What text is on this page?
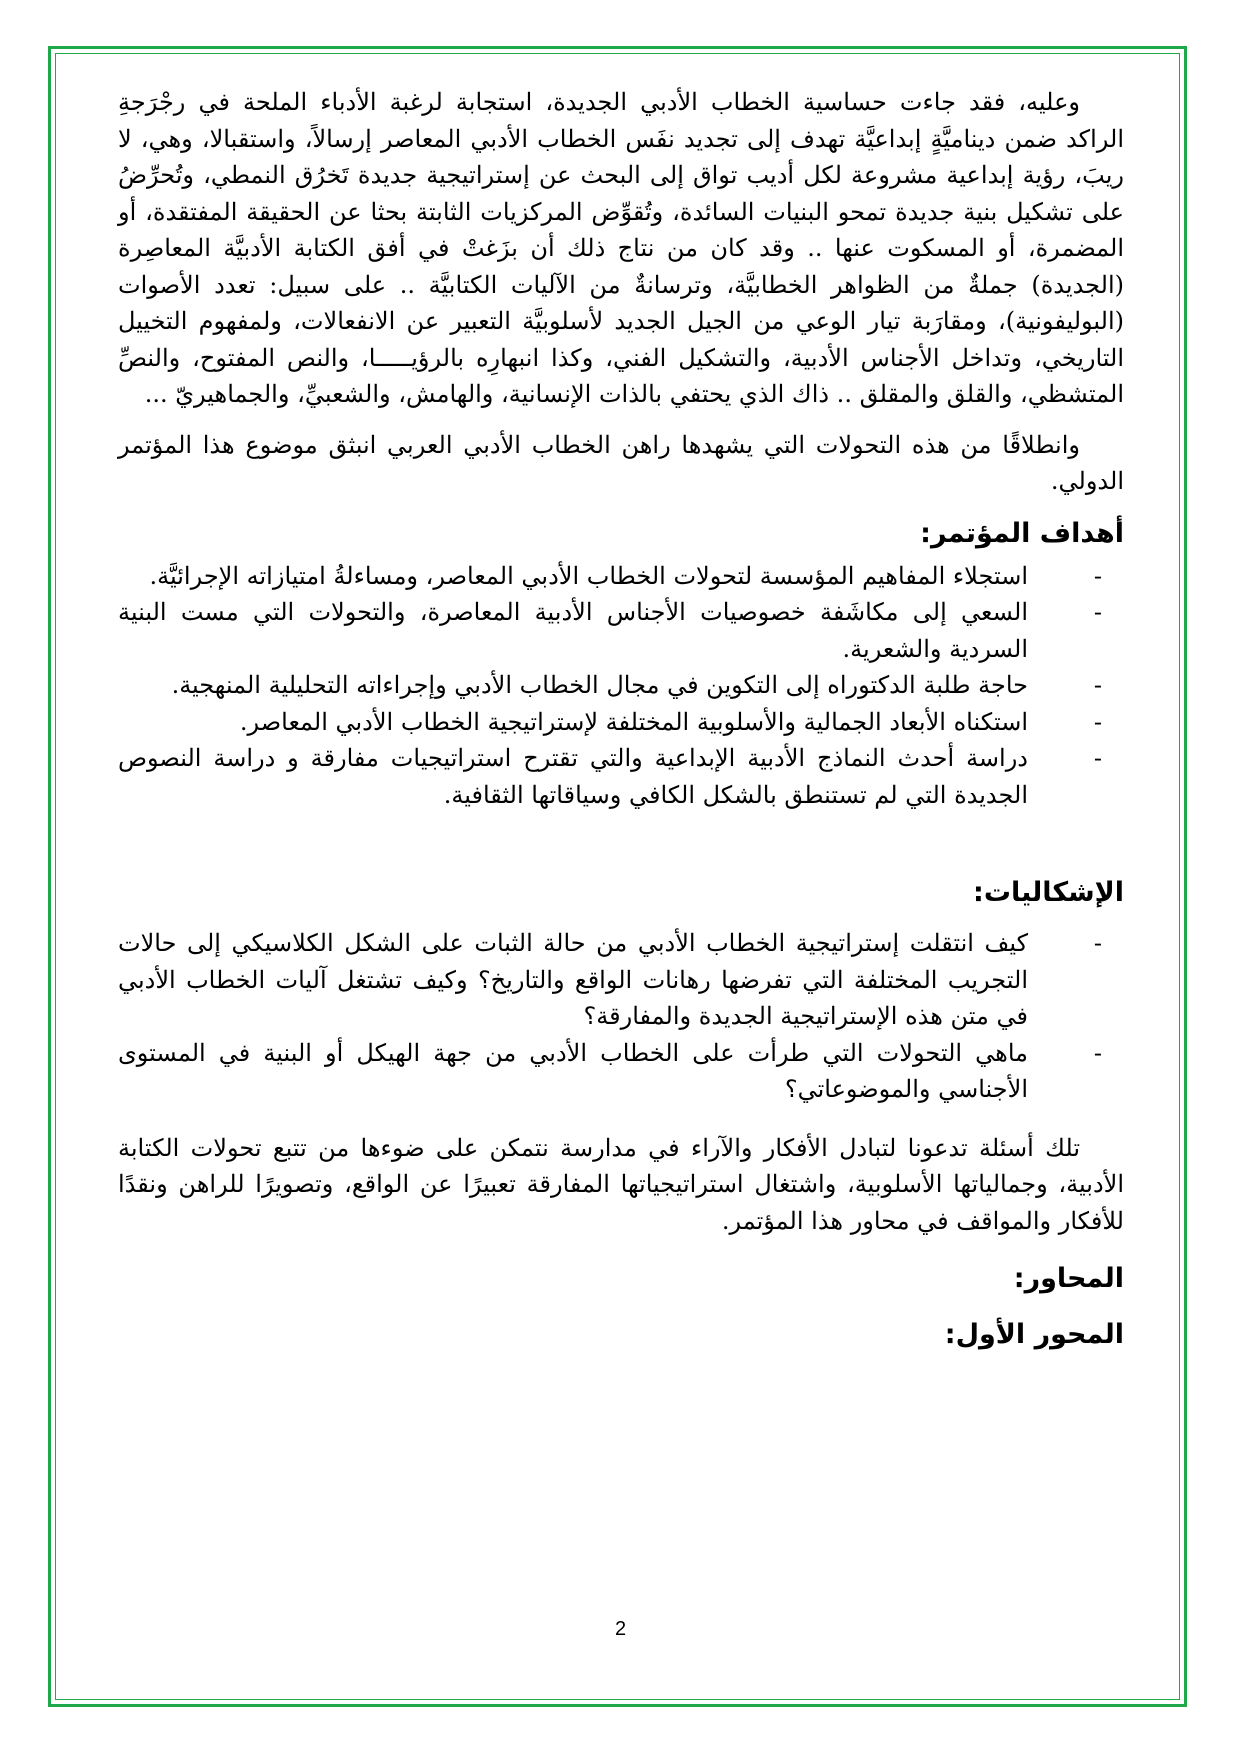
وعليه، فقد جاءت حساسية الخطاب الأدبي الجديدة، استجابة لرغبة الأدباء الملحة في رجْرَجةِ الراكد ضمن ديناميَّةٍ إبداعيَّة تهدف إلى تجديد نفَس الخطاب الأدبي المعاصر إرسالاً، واستقبالا، وهي، لا ريبَ، رؤية إبداعية مشروعة لكل أديب تواق إلى البحث عن إستراتيجية جديدة تَخرُق النمطي، وتُحرِّضُ على تشكيل بنية جديدة تمحو البنيات السائدة، وتُقوِّض المركزيات الثابتة بحثا عن الحقيقة المفتقدة، أو المضمرة، أو المسكوت عنها .. وقد كان من نتاج ذلك أن بزَغتْ في أفق الكتابة الأدبيَّة المعاصِرة (الجديدة) جملةٌ من الظواهر الخطابيَّة، وترسانةٌ من الآليات الكتابيَّة .. على سبيل: تعدد الأصوات (البوليفونية)، ومقارَبة تيار الوعي من الجيل الجديد لأسلوبيَّة التعبير عن الانفعالات، ولمفهوم التخييل التاريخي، وتداخل الأجناس الأدبية، والتشكيل الفني، وكذا انبهارِه بالرؤيـــــا، والنص المفتوح، والنصِّ المتشظي، والقلق والمقلق .. ذاك الذي يحتفي بالذات الإنسانية، والهامش، والشعبيِّ، والجماهيريّ ...

وانطلاقًا من هذه التحولات التي يشهدها راهن الخطاب الأدبي العربي انبثق موضوع هذا المؤتمر الدولي.

أهداف المؤتمر:
-
استجلاء المفاهيم المؤسسة لتحولات الخطاب الأدبي المعاصر، ومساءلةُ امتيازاته الإجرائيَّة.
-
السعي إلى مكاشَفة خصوصيات الأجناس الأدبية المعاصرة، والتحولات التي مست البنية السردية والشعرية.
-
حاجة طلبة الدكتوراه إلى التكوين في مجال الخطاب الأدبي وإجراءاته التحليلية المنهجية.
-
استكناه الأبعاد الجمالية والأسلوبية المختلفة لإستراتيجية الخطاب الأدبي المعاصر.
-
دراسة أحدث النماذج الأدبية الإبداعية والتي تقترح استراتيجيات مفارقة و دراسة النصوص الجديدة التي لم تستنطق بالشكل الكافي وسياقاتها الثقافية.
الإشكاليات:
-
كيف انتقلت إستراتيجية الخطاب الأدبي من حالة الثبات على الشكل الكلاسيكي إلى حالات التجريب المختلفة التي تفرضها رهانات الواقع والتاريخ؟ وكيف تشتغل آليات الخطاب الأدبي في متن هذه الإستراتيجية الجديدة والمفارقة؟
-
ماهي التحولات التي طرأت على الخطاب الأدبي من جهة الهيكل أو البنية في المستوى الأجناسي والموضوعاتي؟

تلك أسئلة تدعونا لتبادل الأفكار والآراء في مدارسة نتمكن على ضوءها من تتبع تحولات الكتابة الأدبية، وجمالياتها الأسلوبية، واشتغال استراتيجياتها المفارقة تعبيرًا عن الواقع، وتصويرًا للراهن ونقدًا للأفكار والمواقف في محاور هذا المؤتمر.

المحاور:
المحور الأول:
2
